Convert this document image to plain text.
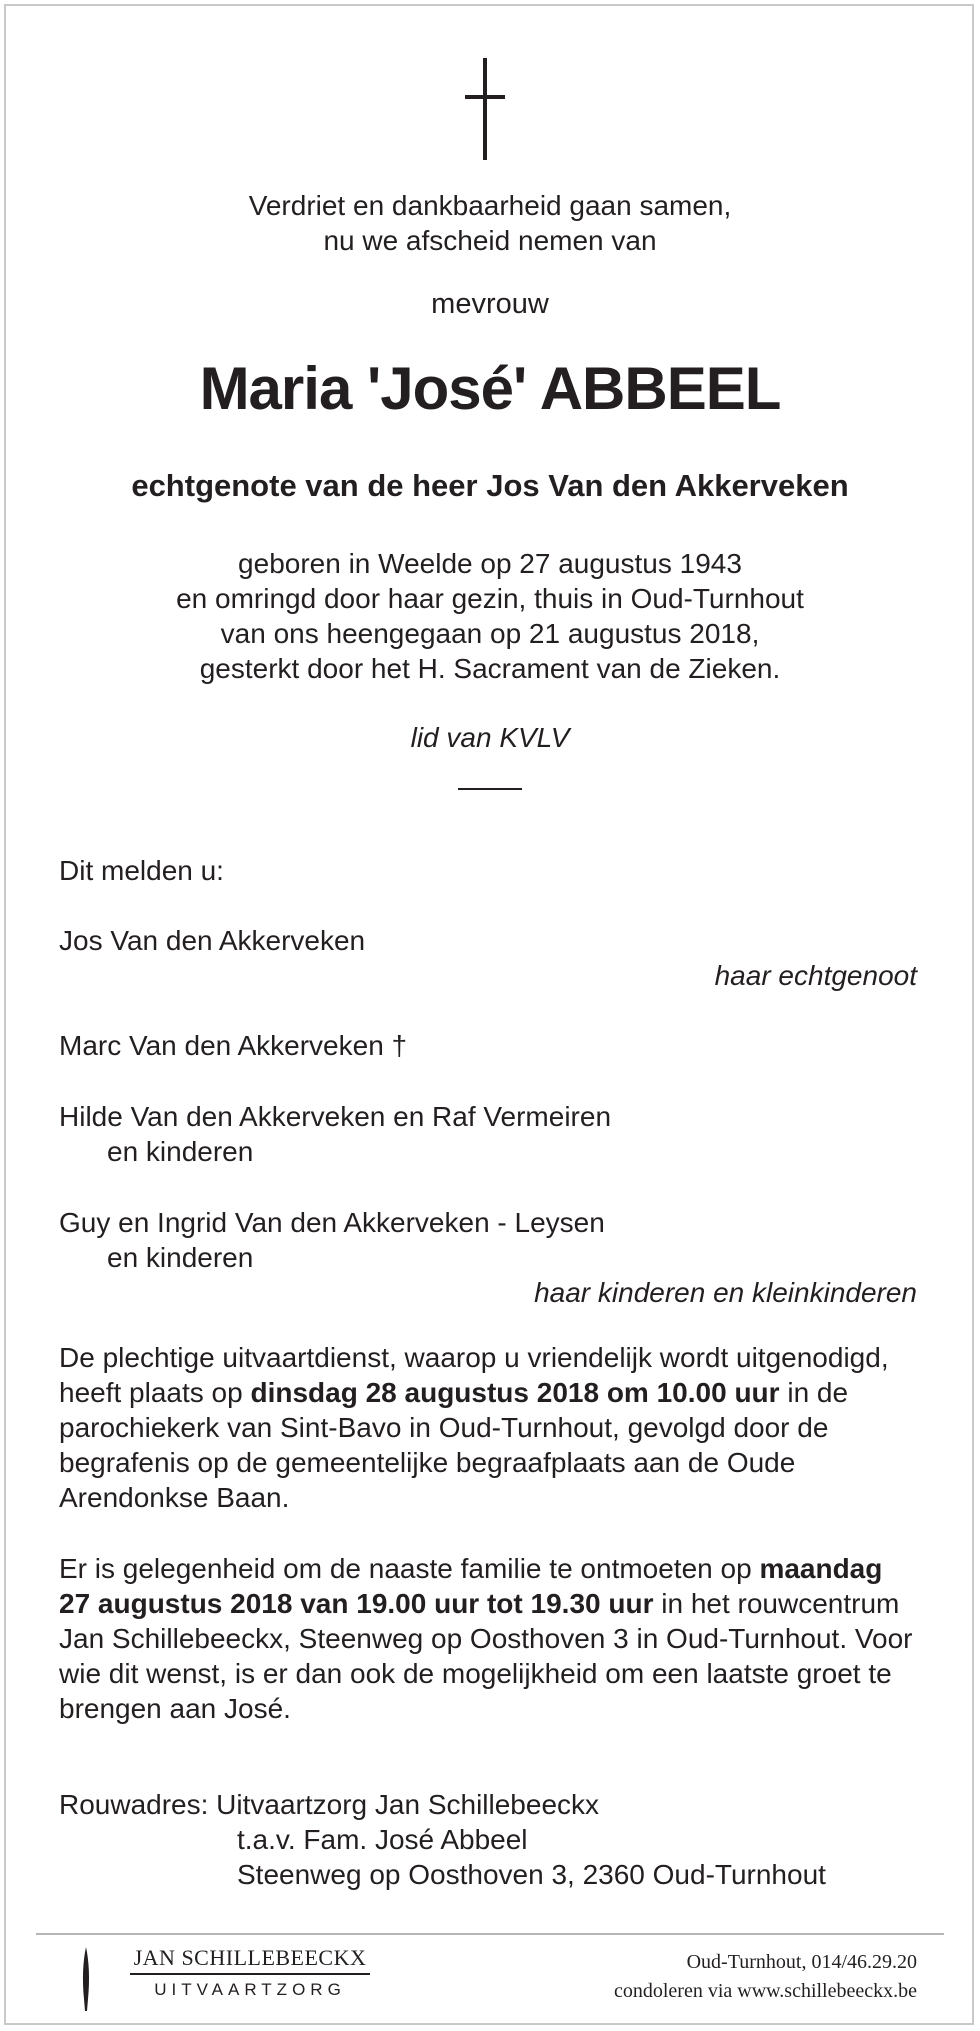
Verdriet en dankbaarheid gaan samen,
nu we afscheid nemen van
mevrouw
Maria 'José' ABBEEL
echtgenote van de heer Jos Van den Akkerveken
geboren in Weelde op 27 augustus 1943
en omringd door haar gezin, thuis in Oud-Turnhout
van ons heengegaan op 21 augustus 2018,
gesterkt door het H. Sacrament van de Zieken.
lid van KVLV
Dit melden u:
Jos Van den Akkerveken
haar echtgenoot
Marc Van den Akkerveken †
Hilde Van den Akkerveken en Raf Vermeiren
en kinderen
Guy en Ingrid Van den Akkerveken - Leysen
en kinderen
haar kinderen en kleinkinderen
De plechtige uitvaartdienst, waarop u vriendelijk wordt uitgenodigd, heeft plaats op dinsdag 28 augustus 2018 om 10.00 uur in de parochiekerk van Sint-Bavo in Oud-Turnhout, gevolgd door de begrafenis op de gemeentelijke begraafplaats aan de Oude Arendonkse Baan.
Er is gelegenheid om de naaste familie te ontmoeten op maandag 27 augustus 2018 van 19.00 uur tot 19.30 uur in het rouwcentrum Jan Schillebeeckx, Steenweg op Oosthoven 3 in Oud-Turnhout. Voor wie dit wenst, is er dan ook de mogelijkheid om een laatste groet te brengen aan José.
Rouwadres: Uitvaartzorg Jan Schillebeeckx
t.a.v. Fam. José Abbeel
Steenweg op Oosthoven 3, 2360 Oud-Turnhout
JAN SCHILLEBEECKX
UITVAARTZORG
Oud-Turnhout, 014/46.29.20
condoleren via www.schillebeeckx.be
